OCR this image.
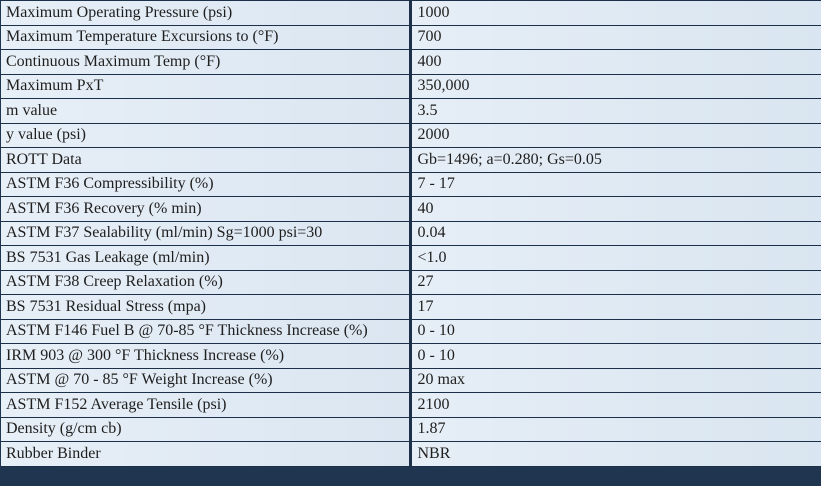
Maximum Operating Pressure (psi)	1000
Maximum Temperature Excursions to (°F)	700
Continuous Maximum Temp (°F)	400
Maximum PxT	350,000
m value	3.5
y value (psi)	2000
ROTT Data	Gb=1496; a=0.280; Gs=0.05
ASTM F36 Compressibility (%)	7 - 17
ASTM F36 Recovery (% min)	40
ASTM F37 Sealability (ml/min) Sg=1000 psi=30	0.04
BS 7531 Gas Leakage (ml/min)	<1.0
ASTM F38 Creep Relaxation (%)	27
BS 7531 Residual Stress (mpa)	17
ASTM F146 Fuel B @ 70-85 °F Thickness Increase (%)	0 - 10
IRM 903 @ 300 °F Thickness Increase (%)	0 - 10
ASTM @ 70 - 85 °F Weight Increase (%)	20 max
ASTM F152 Average Tensile (psi)	2100
Density (g/cm cb)	1.87
Rubber Binder	NBR
